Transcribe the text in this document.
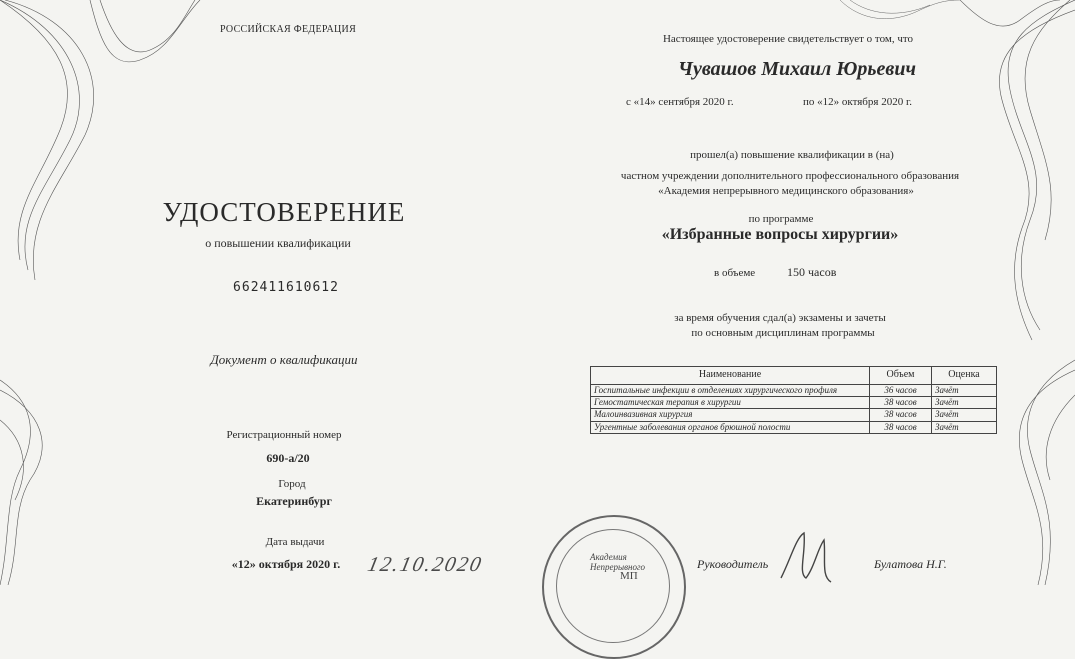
РОССИЙСКАЯ ФЕДЕРАЦИЯ
УДОСТОВЕРЕНИЕ
о повышении квалификации
662411610612
Документ о квалификации
Регистрационный номер
690-а/20
Город
Екатеринбург
Дата выдачи
«12» октября 2020 г. 12.10.2020
Настоящее удостоверение свидетельствует о том, что
Чувашов Михаил Юрьевич
с «14» сентября 2020 г.	по «12» октября 2020 г.
прошел(а) повышение квалификации в (на)
частном учреждении дополнительного профессионального образования
«Академия непрерывного медицинского образования»
по программе
«Избранные вопросы хирургии»
в объеме	150 часов
за время обучения сдал(а) экзамены и зачеты
по основным дисциплинам программы
Наименование	Объем	Оценка
Госпитальные инфекции в отделениях хирургического профиля	36 часов	Зачёт
Гемостатическая терапия в хирургии	38 часов	Зачёт
Малоинвазивная хирургия	38 часов	Зачёт
Ургентные заболевания органов брюшной полости	38 часов	Зачёт
Академия Непрерывного
МП
Руководитель	Булатова Н.Г.
